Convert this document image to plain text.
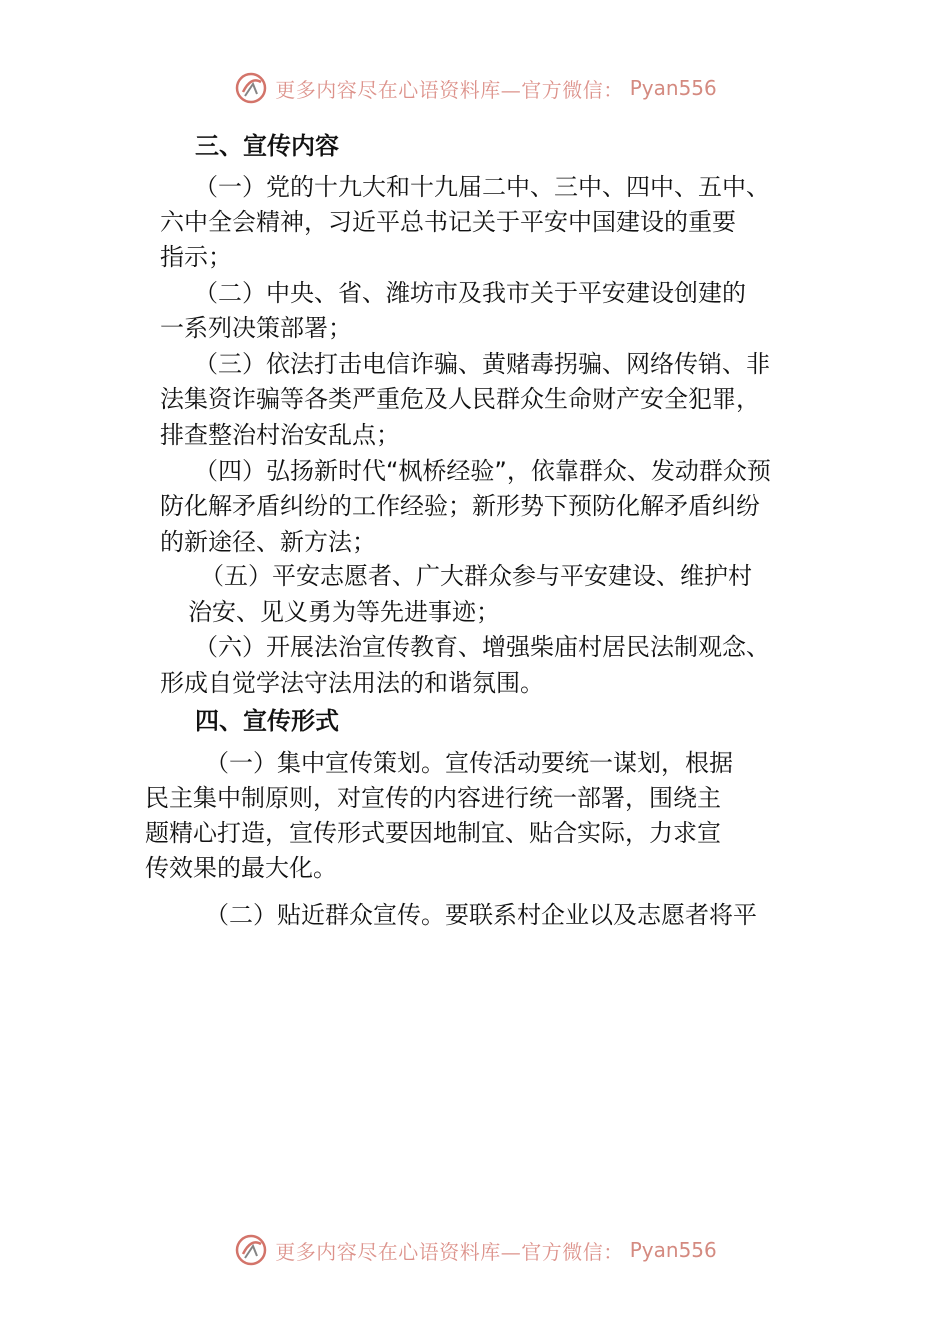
更多内容尽在心语资料库—官方微信： Pyan556
三、宣传内容
（一）党的十九大和十九届二中、三中、四中、五中、
六中全会精神，习近平总书记关于平安中国建设的重要
指示；
（二）中央、省、潍坊市及我市关于平安建设创建的
一系列决策部署；
（三）依法打击电信诈骗、黄赌毒拐骗、网络传销、非
法集资诈骗等各类严重危及人民群众生命财产安全犯罪，
排查整治村治安乱点；
（四）弘扬新时代“枫桥经验”，依靠群众、发动群众预
防化解矛盾纠纷的工作经验；新形势下预防化解矛盾纠纷
的新途径、新方法；
（五）平安志愿者、广大群众参与平安建设、维护村
治安、见义勇为等先进事迹；
（六）开展法治宣传教育、增强柴庙村居民法制观念、
形成自觉学法守法用法的和谐氛围。
四、宣传形式
（一）集中宣传策划。宣传活动要统一谋划，根据
民主集中制原则，对宣传的内容进行统一部署，围绕主
题精心打造，宣传形式要因地制宜、贴合实际，力求宣
传效果的最大化。
（二）贴近群众宣传。要联系村企业以及志愿者将平
更多内容尽在心语资料库—官方微信： Pyan556
